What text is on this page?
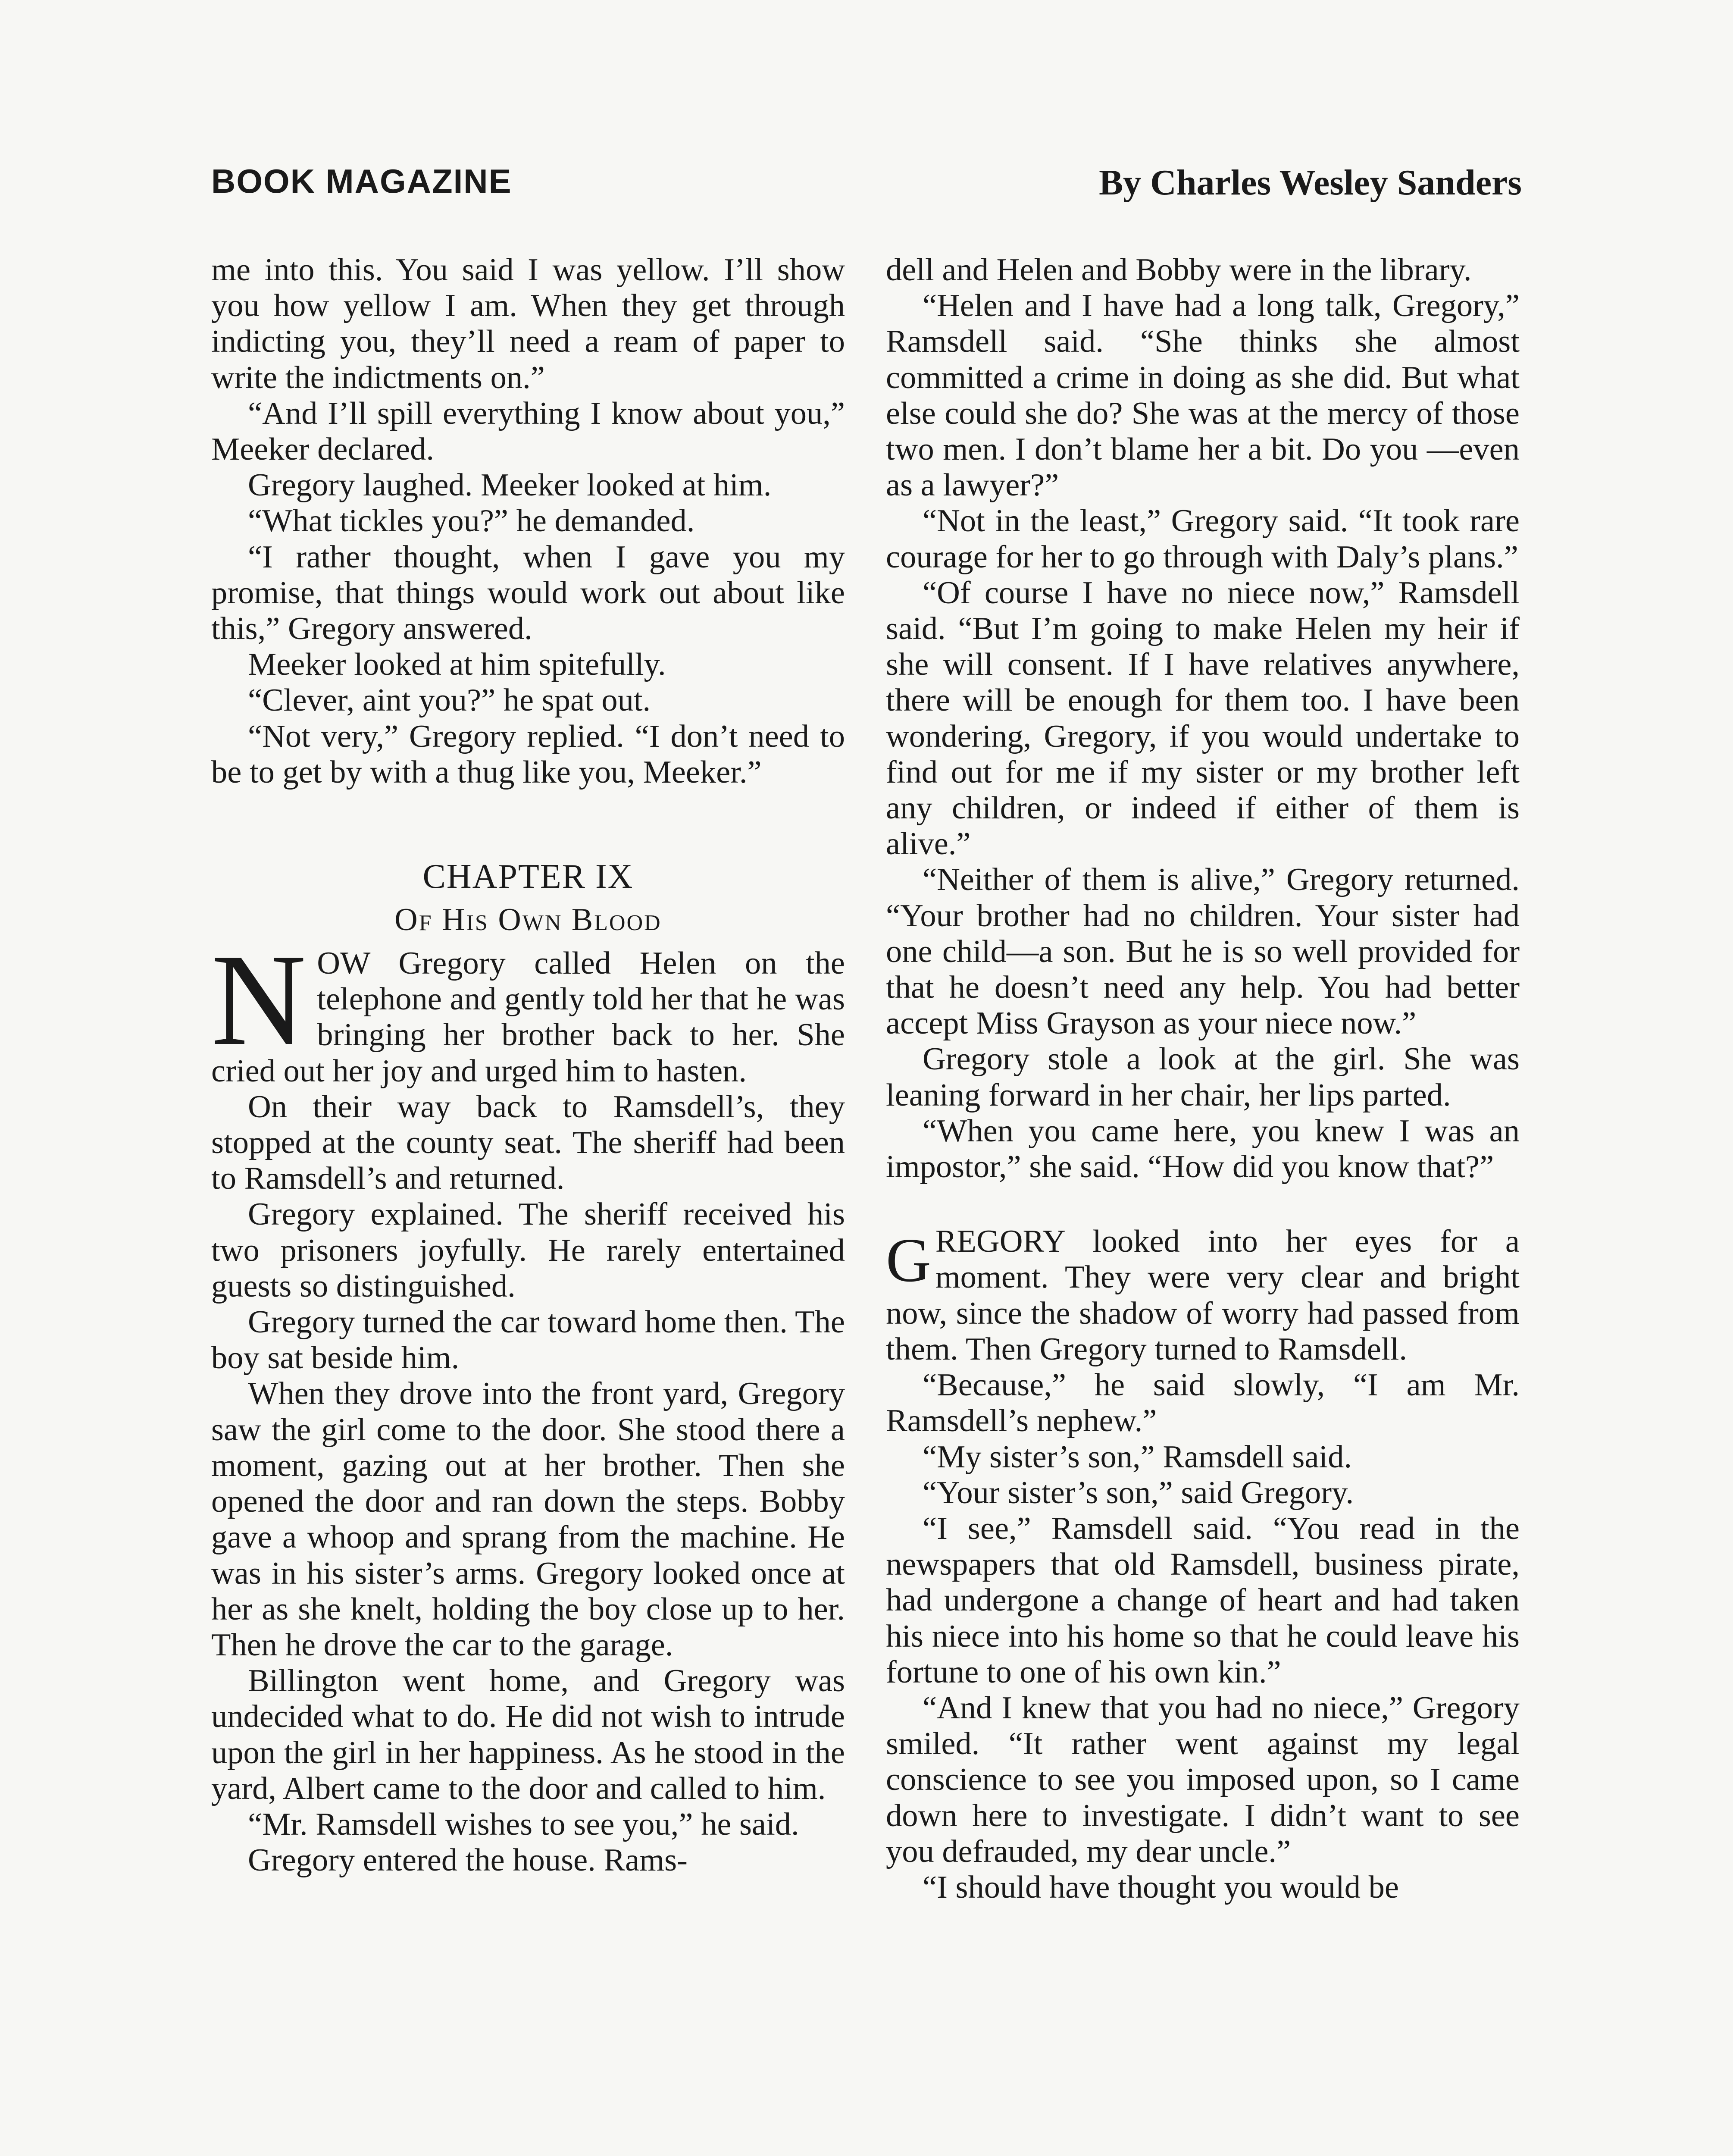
BOOK MAGAZINE	By Charles Wesley Sanders

me into this. You said I was yellow. I’ll show you how yellow I am. When they get through indicting you, they’ll need a ream of paper to write the indictments on.”

“And I’ll spill everything I know about you,” Meeker declared.

Gregory laughed. Meeker looked at him.

“What tickles you?” he demanded.

“I rather thought, when I gave you my promise, that things would work out about like this,” Gregory answered.

Meeker looked at him spitefully.

“Clever, aint you?” he spat out.

“Not very,” Gregory replied. “I don’t need to be to get by with a thug like you, Meeker.”

CHAPTER IX
Of His Own Blood

NOW Gregory called Helen on the telephone and gently told her that he was bringing her brother back to her. She cried out her joy and urged him to hasten.

On their way back to Ramsdell’s, they stopped at the county seat. The sheriff had been to Ramsdell’s and returned.

Gregory explained. The sheriff received his two prisoners joyfully. He rarely entertained guests so distinguished.

Gregory turned the car toward home then. The boy sat beside him.

When they drove into the front yard, Gregory saw the girl come to the door. She stood there a moment, gazing out at her brother. Then she opened the door and ran down the steps. Bobby gave a whoop and sprang from the machine. He was in his sister’s arms. Gregory looked once at her as she knelt, holding the boy close up to her. Then he drove the car to the garage.

Billington went home, and Gregory was undecided what to do. He did not wish to intrude upon the girl in her happiness. As he stood in the yard, Albert came to the door and called to him.

“Mr. Ramsdell wishes to see you,” he said.

Gregory entered the house. Rams-

dell and Helen and Bobby were in the library.

“Helen and I have had a long talk, Gregory,” Ramsdell said. “She thinks she almost committed a crime in doing as she did. But what else could she do? She was at the mercy of those two men. I don’t blame her a bit. Do you —even as a lawyer?”

“Not in the least,” Gregory said. “It took rare courage for her to go through with Daly’s plans.”

“Of course I have no niece now,” Ramsdell said. “But I’m going to make Helen my heir if she will consent. If I have relatives anywhere, there will be enough for them too. I have been wondering, Gregory, if you would undertake to find out for me if my sister or my brother left any children, or indeed if either of them is alive.”

“Neither of them is alive,” Gregory returned. “Your brother had no children. Your sister had one child—a son. But he is so well provided for that he doesn’t need any help. You had better accept Miss Grayson as your niece now.”

Gregory stole a look at the girl. She was leaning forward in her chair, her lips parted.

“When you came here, you knew I was an impostor,” she said. “How did you know that?”

GREGORY looked into her eyes for a moment. They were very clear and bright now, since the shadow of worry had passed from them. Then Gregory turned to Ramsdell.

“Because,” he said slowly, “I am Mr. Ramsdell’s nephew.”

“My sister’s son,” Ramsdell said.

“Your sister’s son,” said Gregory.

“I see,” Ramsdell said. “You read in the newspapers that old Ramsdell, business pirate, had undergone a change of heart and had taken his niece into his home so that he could leave his fortune to one of his own kin.”

“And I knew that you had no niece,” Gregory smiled. “It rather went against my legal conscience to see you imposed upon, so I came down here to investigate. I didn’t want to see you defrauded, my dear uncle.”

“I should have thought you would be
